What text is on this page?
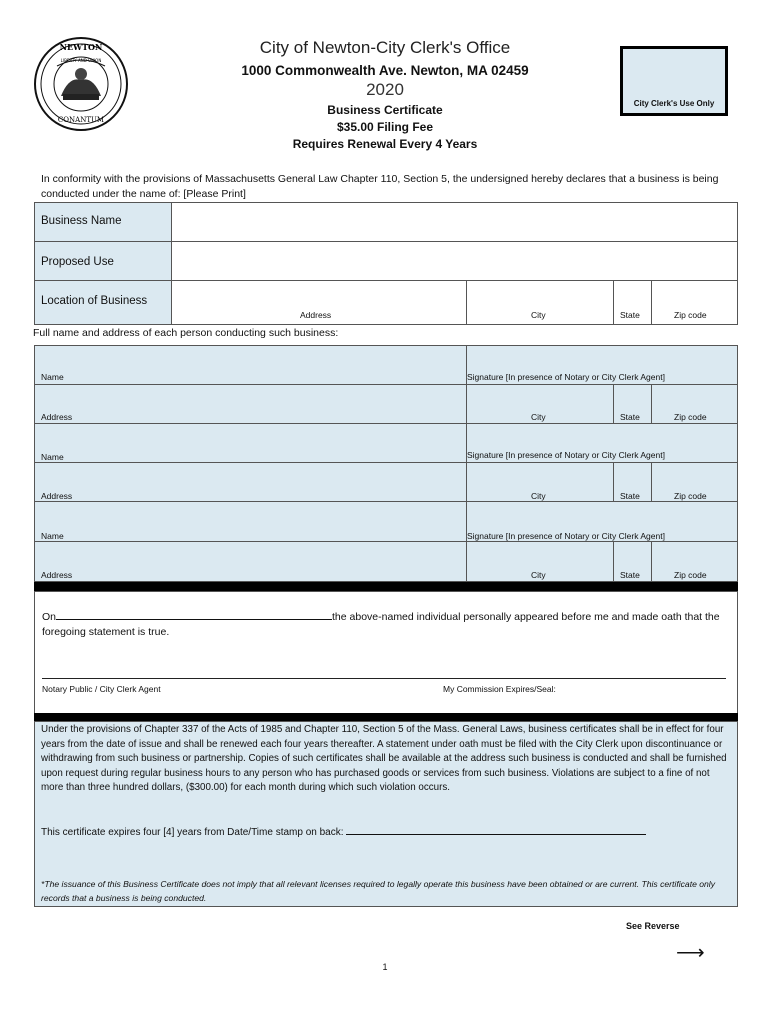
NEWTON
CONANTUM
LIBERTY AND UNION
City of Newton-City Clerk's Office
1000 Commonwealth Ave. Newton, MA 02459
2020
Business Certificate
$35.00 Filing Fee
Requires Renewal Every 4 Years
City Clerk's Use Only
In conformity with the provisions of Massachusetts General Law Chapter 110, Section 5, the undersigned hereby declares that a business is being conducted under the name of: [Please Print]
Business Name
Proposed Use
Location of Business
Address	City	State	Zip code
Full name and address of each person conducting such business:
Name	Signature [In presence of Notary or City Clerk Agent]
Address	City	State	Zip code
Name	Signature [In presence of Notary or City Clerk Agent]
Address	City	State	Zip code
Name	Signature [In presence of Notary or City Clerk Agent]
Address	City	State	Zip code
On	the above-named individual personally appeared before me and made oath that the foregoing statement is true.
Notary Public / City Clerk Agent	My Commission Expires/Seal:
Under the provisions of Chapter 337 of the Acts of 1985 and Chapter 110, Section 5 of the Mass. General Laws, business certificates shall be in effect for four years from the date of issue and shall be renewed each four years thereafter. A statement under oath must be filed with the City Clerk upon discontinuance or withdrawing from such business or partnership. Copies of such certificates shall be available at the address such business is conducted and shall be furnished upon request during regular business hours to any person who has purchased goods or services from such business. Violations are subject to a fine of not more than three hundred dollars, ($300.00) for each month during which such violation occurs.
This certificate expires four [4] years from Date/Time stamp on back:
*The issuance of this Business Certificate does not imply that all relevant licenses required to legally operate this business have been obtained or are current. This certificate only records that a business is being conducted.
See Reverse
⟶
1
